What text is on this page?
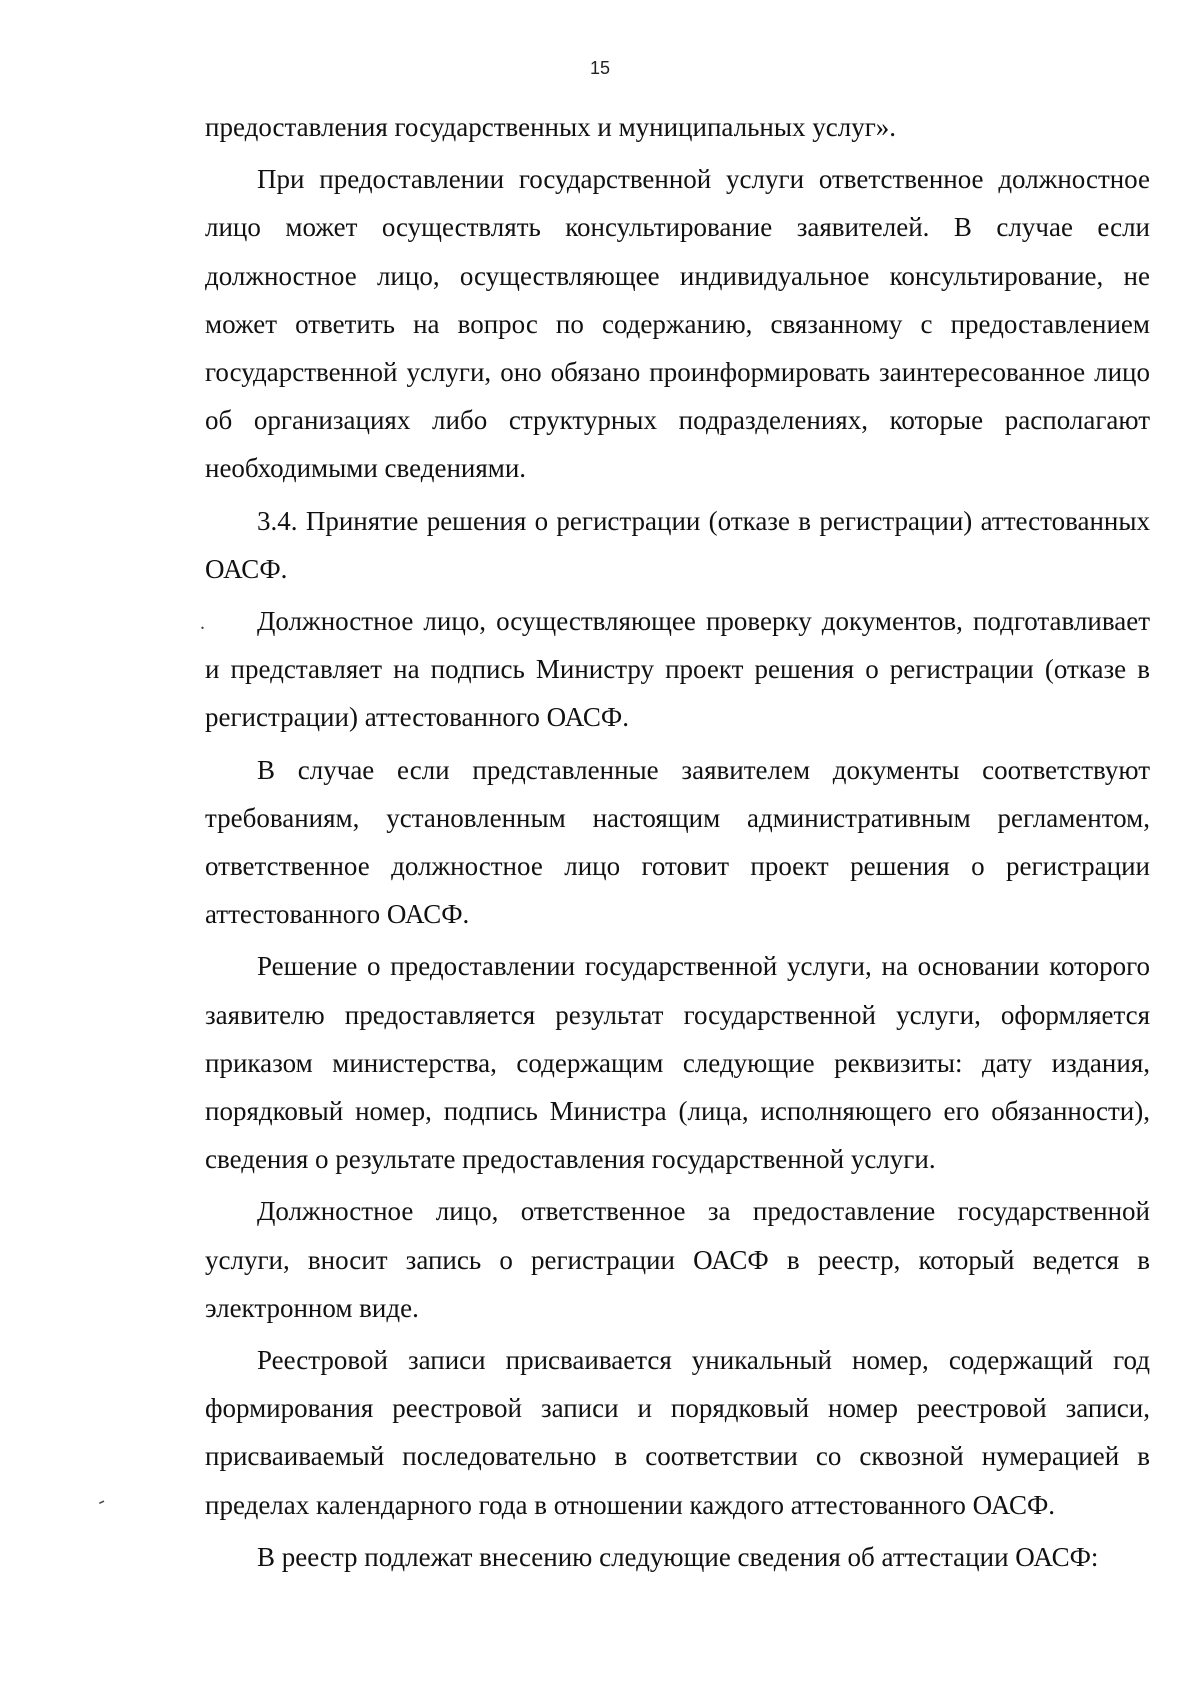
15

предоставления государственных и муниципальных услуг».

При предоставлении государственной услуги ответственное должностное лицо может осуществлять консультирование заявителей. В случае если должностное лицо, осуществляющее индивидуальное консультирование, не может ответить на вопрос по содержанию, связанному с предоставлением государственной услуги, оно обязано проинформировать заинтересованное лицо об организациях либо структурных подразделениях, которые располагают необходимыми сведениями.

3.4. Принятие решения о регистрации (отказе в регистрации) аттестованных ОАСФ.

Должностное лицо, осуществляющее проверку документов, подготавливает и представляет на подпись Министру проект решения о регистрации (отказе в регистрации) аттестованного ОАСФ.

В случае если представленные заявителем документы соответствуют требованиям, установленным настоящим административным регламентом, ответственное должностное лицо готовит проект решения о регистрации аттестованного ОАСФ.

Решение о предоставлении государственной услуги, на основании которого заявителю предоставляется результат государственной услуги, оформляется приказом министерства, содержащим следующие реквизиты: дату издания, порядковый номер, подпись Министра (лица, исполняющего его обязанности), сведения о результате предоставления государственной услуги.

Должностное лицо, ответственное за предоставление государственной услуги, вносит запись о регистрации ОАСФ в реестр, который ведется в электронном виде.

Реестровой записи присваивается уникальный номер, содержащий год формирования реестровой записи и порядковый номер реестровой записи, присваиваемый последовательно в соответствии со сквозной нумерацией в пределах календарного года в отношении каждого аттестованного ОАСФ.

В реестр подлежат внесению следующие сведения об аттестации ОАСФ:

.
-
